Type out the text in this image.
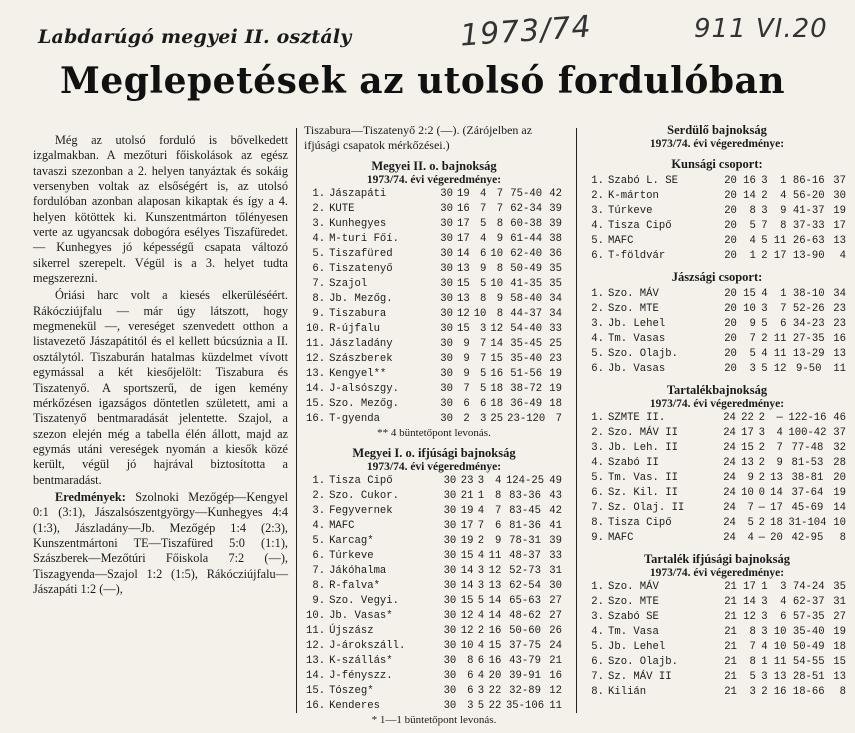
Labdarúgó megyei II. osztály	1973/74	911 VI.20
Meglepetések az utolsó fordulóban

Még az utolsó forduló is bővelkedett izgalmakban. A mezőturi főiskolások az egész tavaszi szezonban a 2. helyen tanyáztak és sokáig versenyben voltak az elsőségért is, az utolsó fordulóban azonban alaposan kikaptak és így a 4. helyen kötöttek ki. Kunszentmárton tőlényesen verte az ugyancsak dobogóra esélyes Tiszafüredet. — Kunhegyes jó képességű csapata változó sikerrel szerepelt. Végül is a 3. helyet tudta megszerezni.

Óriási harc volt a kiesés elkerüléséért. Rákócziújfalu — már úgy látszott, hogy megmenekül —, vereséget szenvedett otthon a listavezető Jászapátitól és el kellett búcsúznia a II. osztálytól. Tiszaburán hatalmas küzdelmet vívott egymással a két kiesőjelölt: Tiszabura és Tiszatenyő. A sportszerű, de igen kemény mérkőzésen igazságos döntetlen született, ami a Tiszatenyő bentmaradását jelentette. Szajol, a szezon elején még a tabella élén állott, majd az egymás utáni vereségek nyomán a kiesők közé került, végül jó hajrával biztosította a bentmaradást.

Eredmények: Szolnoki Mezőgép—Kengyel 0:1 (3:1), Jászalsószentgyörgy—Kunhegyes 4:4 (1:3), Jászladány—Jb. Mezőgép 1:4 (2:3), Kunszentmártoni TE—Tiszafüred 5:0 (1:1), Szászberek—Mezőtúri Főiskola 7:2 (—), Tiszagyenda—Szajol 1:2 (1:5), Rákócziújfalu—Jászapáti 1:2 (—),

Tiszabura—Tiszatenyő 2:2 (—). (Zárójelben az ifjúsági csapatok mérkőzései.)
Megyei II. o. bajnokság
1973/74. évi végeredménye:
1.	Jászapáti	30	19	4	7	75-40	42
2.	KUTE	30	16	7	7	62-34	39
3.	Kunhegyes	30	17	5	8	60-38	39
4.	M-turi Főí.	30	17	4	9	61-44	38
5.	Tiszafüred	30	14	6	10	62-40	36
6.	Tiszatenyő	30	13	9	8	50-49	35
7.	Szajol	30	15	5	10	41-35	35
8.	Jb. Mezőg.	30	13	8	9	58-40	34
9.	Tiszabura	30	12	10	8	44-37	34
10.	R-újfalu	30	15	3	12	54-40	33
11.	Jászladány	30	9	7	14	35-45	25
12.	Szászberek	30	9	7	15	35-40	23
13.	Kengyel**	30	9	5	16	51-56	19
14.	J-alsószgy.	30	7	5	18	38-72	19
15.	Szo. Mezőg.	30	6	6	18	36-49	18
16.	T-gyenda	30	2	3	25	23-120	7
** 4 büntetőpont levonás.
Megyei I. o. ifjúsági bajnokság
1973/74. évi végeredménye:
1.	Tisza Cipő	30	23	3	4	124-25	49
2.	Szo. Cukor.	30	21	1	8	83-36	43
3.	Fegyvernek	30	19	4	7	83-45	42
4.	MAFC	30	17	7	6	81-36	41
5.	Karcag*	30	19	2	9	78-31	39
6.	Túrkeve	30	15	4	11	48-37	33
7.	Jákóhalma	30	14	3	12	52-73	31
8.	R-falva*	30	14	3	13	62-54	30
9.	Szo. Vegyi.	30	15	5	14	65-63	27
10.	Jb. Vasas*	30	12	4	14	48-62	27
11.	Újszász	30	12	2	16	50-60	26
12.	J-árokszáll.	30	10	4	15	37-75	24
13.	K-szállás*	30	8	6	16	43-79	21
14.	J-fényszz.	30	6	4	20	39-91	16
15.	Tószeg*	30	6	3	22	32-89	12
16.	Kenderes	30	3	5	22	35-106	11
* 1—1 büntetőpont levonás.
Serdülő bajnokság
1973/74. évi végeredménye:
Kunsági csoport:
1.	Szabó L. SE	20	16	3	1	86-16	37
2.	K-márton	20	14	2	4	56-20	30
3.	Túrkeve	20	8	3	9	41-37	19
4.	Tisza Cipő	20	5	7	8	37-33	17
5.	MAFC	20	4	5	11	26-63	13
6.	T-földvár	20	1	2	17	13-90	4
Jászsági csoport:
1.	Szo. MÁV	20	15	4	1	38-10	34
2.	Szo. MTE	20	10	3	7	52-26	23
3.	Jb. Lehel	20	9	5	6	34-23	23
4.	Tm. Vasas	20	7	2	11	27-35	16
5.	Szo. Olajb.	20	5	4	11	13-29	13
6.	Jb. Vasas	20	3	5	12	9-50	11
Tartalékbajnokság
1973/74. évi végeredménye:
1.	SZMTE II.	24	22	2	—	122-16	46
2.	Szo. MÁV II	24	17	3	4	100-42	37
3.	Jb. Leh. II	24	15	2	7	77-48	32
4.	Szabó II	24	13	2	9	81-53	28
5.	Tm. Vas. II	24	9	2	13	38-81	20
6.	Sz. Kil. II	24	10	0	14	37-64	19
7.	Sz. Olaj. II	24	7	—	17	45-69	14
8.	Tisza Cipő	24	5	2	18	31-104	10
9.	MAFC	24	4	—	20	42-95	8
Tartalék ifjúsági bajnokság
1973/74. évi végeredménye:
1.	Szo. MÁV	21	17	1	3	74-24	35
2.	Szo. MTE	21	14	3	4	62-37	31
3.	Szabó SE	21	12	3	6	57-35	27
4.	Tm. Vasa	21	8	3	10	35-40	19
5.	Jb. Lehel	21	7	4	10	50-49	18
6.	Szo. Olajb.	21	8	1	11	54-55	15
7.	Sz. MÁV II	21	5	3	13	28-51	13
8.	Kilián	21	3	2	16	18-66	8
